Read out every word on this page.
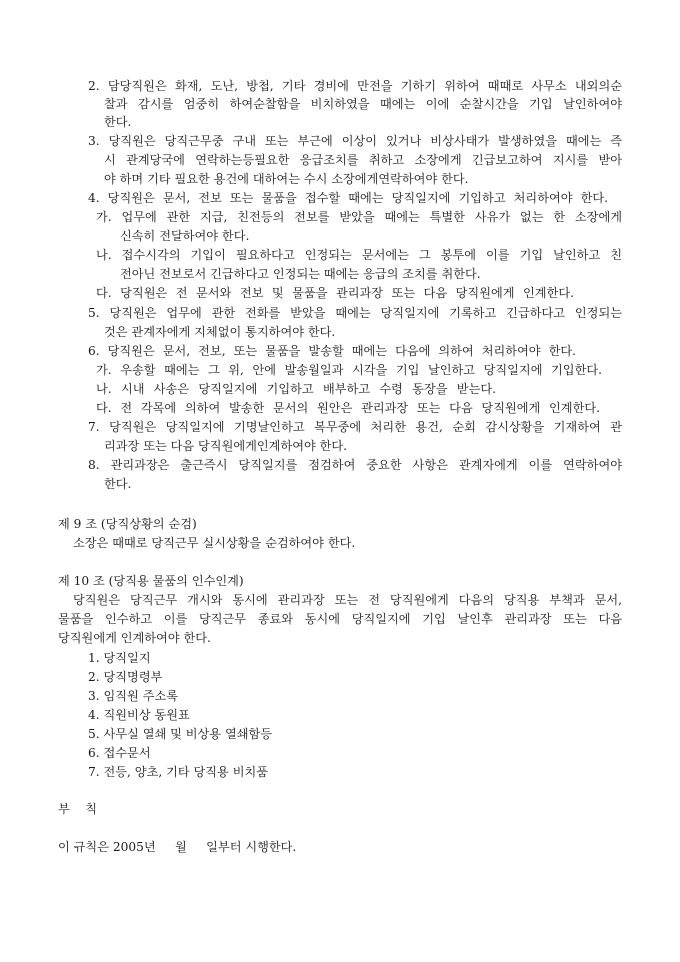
2. 담당직원은 화재, 도난, 방첩, 기타 경비에 만전을 기하기 위하여 때때로 사무소 내외의순
찰과 감시를 엄중히 하여순찰함을 비치하였을 때에는 이에 순찰시간을 기입 날인하여야
한다.
3. 당직원은 당직근무중 구내 또는 부근에 이상이 있거나 비상사태가 발생하였을 때에는 즉
시 관계당국에 연락하는등필요한 응급조치를 취하고 소장에게 긴급보고하여 지시를 받아
야 하며 기타 필요한 용건에 대하여는 수시 소장에게연락하여야 한다.
4. 당직원은 문서, 전보 또는 물품을 접수할 때에는 당직일지에 기입하고 처리하여야 한다.
가. 업무에 관한 지급, 친전등의 전보를 받았을 때에는 특별한 사유가 없는 한 소장에게
신속히 전달하여야 한다.
나. 접수시각의 기입이 필요하다고 인정되는 문서에는 그 봉투에 이를 기입 날인하고 친
전아닌 전보로서 긴급하다고 인정되는 때에는 응급의 조치를 취한다.
다. 당직원은 전 문서와 전보 및 물품을 관리과장 또는 다음 당직원에게 인계한다.
5. 당직원은 업무에 관한 전화를 받았을 때에는 당직일지에 기록하고 긴급하다고 인정되는
것은 관계자에게 지체없이 통지하여야 한다.
6. 당직원은 문서, 전보, 또는 물품을 발송할 때에는 다음에 의하여 처리하여야 한다.
가. 우송할 때에는 그 위, 안에 발송월일과 시각을 기입 날인하고 당직일지에 기입한다.
나. 시내 사송은 당직일지에 기입하고 배부하고 수령 동장을 받는다.
다. 전 각목에 의하여 발송한 문서의 원안은 관리과장 또는 다음 당직원에게 인계한다.
7. 당직원은 당직일지에 기명날인하고 복무중에 처리한 용건, 순회 감시상황을 기재하여 관
리과장 또는 다음 당직원에게인계하여야 한다.
8. 관리과장은 출근즉시 당직일지를 점검하여 중요한 사항은 관계자에게 이를 연락하여야
한다.
제 9 조 (당직상황의 순검)
소장은 때때로 당직근무 실시상황을 순검하여야 한다.
제 10 조 (당직용 물품의 인수인계)
당직원은 당직근무 개시와 동시에 관리과장 또는 전 당직원에게 다음의 당직용 부책과 문서,
물품을 인수하고 이를 당직근무 종료와 동시에 당직일지에 기입 날인후 관리과장 또는 다음
당직원에게 인계하여야 한다.
1. 당직일지
2. 당직명령부
3. 임직원 주소록
4. 직원비상 동원표
5. 사무실 열쇄 및 비상용 열쇄함등
6. 접수문서
7. 전등, 양초, 기타 당직용 비치품
부    칙
이 규칙은 2005년     월     일부터 시행한다.
